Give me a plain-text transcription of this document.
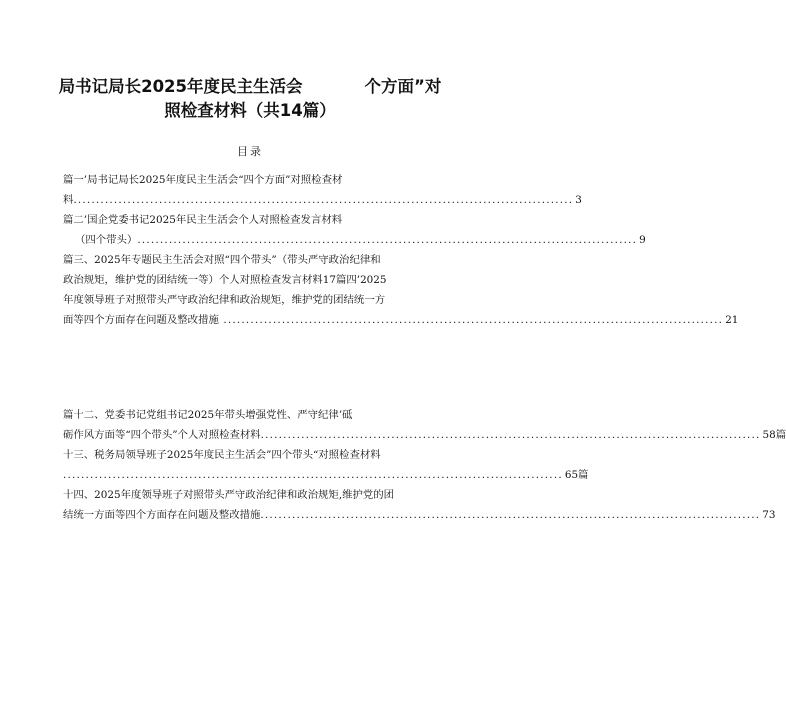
局书记局长2025年度民主生活会	个方面”对
照检查材料（共14篇）
目录
篇一’局书记局长2025年度民主生活会“四个方面”对照检查材
料 ............................................................................................................... 3
篇二’国企党委书记2025年民主生活会个人对照检查发言材料
（四个带头） ............................................................................................................... 9
篇三、2025年专题民主生活会对照“四个带头”（带头严守政治纪律和
政治规矩，维护党的团结统一等）个人对照检查发言材料17篇四’2025
年度领导班子对照带头严守政治纪律和政治规矩，维护党的团结统一方
面等四个方面存在问题及整改措施 ............................................................................................................... 21
篇十二、党委书记党组书记2025年带头增强党性、严守纪律’砥
砺作风方面等“四个带头”个人对照检查材料 ............................................................................................................... 58篇
十三、税务局领导班子2025年度民主生活会”四个带头“对照检查材料
............................................................................................................... 65篇
十四、2025年度领导班子对照带头严守政治纪律和政治规矩,维护党的团
结统一方面等四个方面存在问题及整改措施 ............................................................................................................... 73
